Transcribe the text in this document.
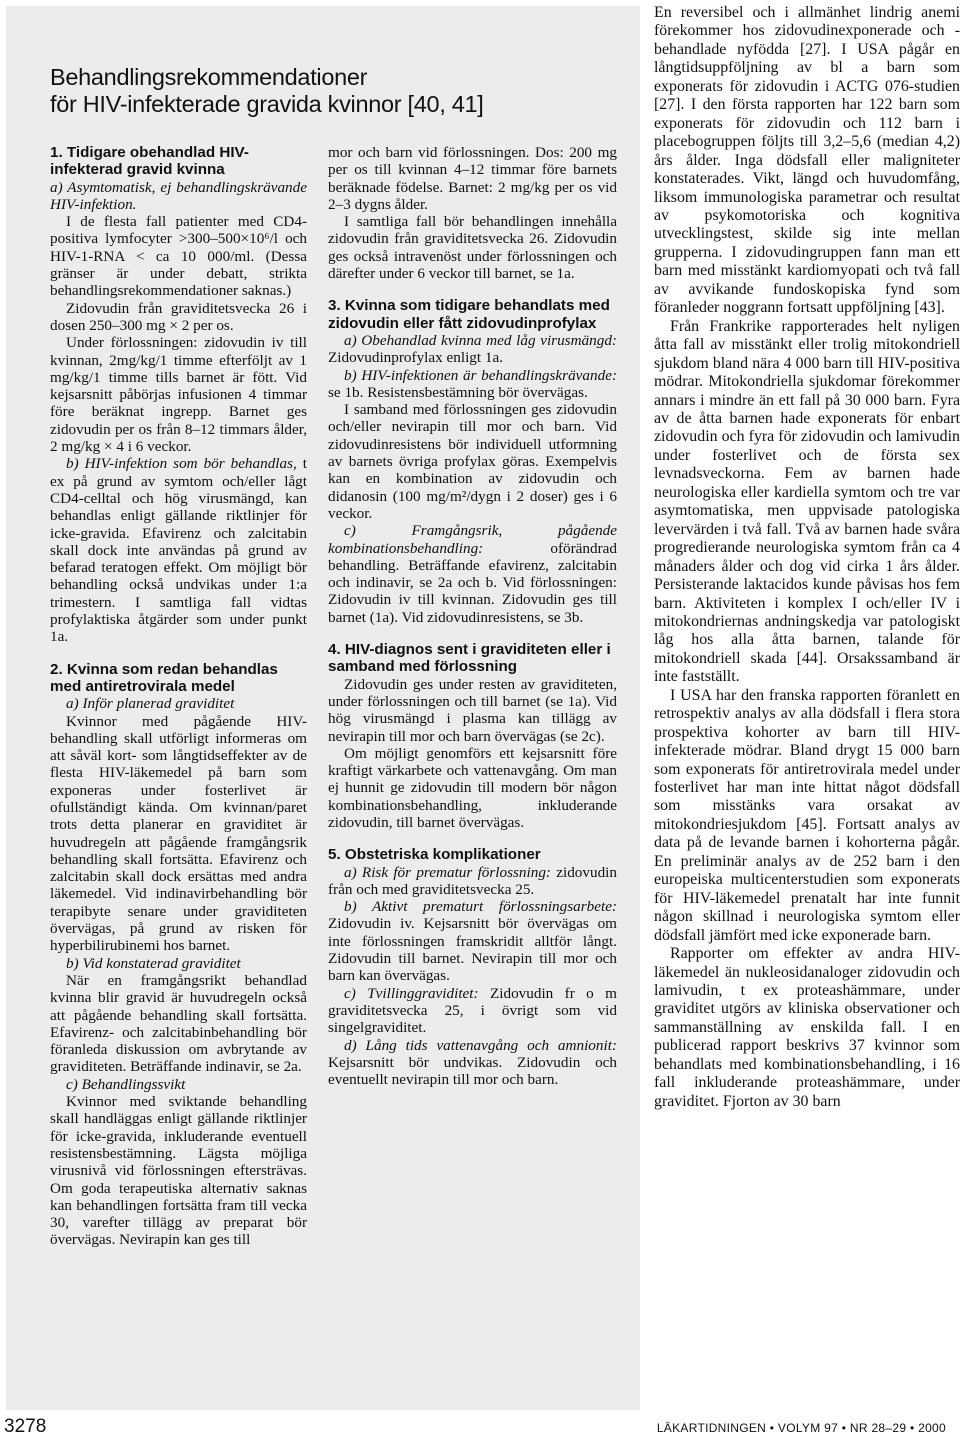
Behandlingsrekommendationer
för HIV-infekterade gravida kvinnor [40, 41]
1. Tidigare obehandlad HIV-infekterad gravid kvinna

a) Asymtomatisk, ej behandlingskrävande HIV-infektion.

I de flesta fall patienter med CD4-positiva lymfocyter >300–500×10⁶/l och HIV-1-RNA < ca 10 000/ml. (Dessa gränser är under debatt, strikta behandlingsrekommendationer saknas.)

Zidovudin från graviditetsvecka 26 i dosen 250–300 mg × 2 per os.

Under förlossningen: zidovudin iv till kvinnan, 2mg/kg/1 timme efterföljt av 1 mg/kg/1 timme tills barnet är fött. Vid kejsarsnitt påbörjas infusionen 4 timmar före beräknat ingrepp. Barnet ges zidovudin per os från 8–12 timmars ålder, 2 mg/kg × 4 i 6 veckor.

b) HIV-infektion som bör behandlas, t ex på grund av symtom och/eller lågt CD4-celltal och hög virusmängd, kan behandlas enligt gällande riktlinjer för icke-gravida. Efavirenz och zalcitabin skall dock inte användas på grund av befarad teratogen effekt. Om möjligt bör behandling också undvikas under 1:a trimestern. I samtliga fall vidtas profylaktiska åtgärder som under punkt 1a.

2. Kvinna som redan behandlas med antiretrovirala medel

a) Inför planerad graviditet

Kvinnor med pågående HIV-behandling skall utförligt informeras om att såväl kort- som långtidseffekter av de flesta HIV-läkemedel på barn som exponeras under fosterlivet är ofullständigt kända. Om kvinnan/paret trots detta planerar en graviditet är huvudregeln att pågående framgångsrik behandling skall fortsätta. Efavirenz och zalcitabin skall dock ersättas med andra läkemedel. Vid indinavirbehandling bör terapibyte senare under graviditeten övervägas, på grund av risken för hyperbilirubinemi hos barnet.

b) Vid konstaterad graviditet

När en framgångsrikt behandlad kvinna blir gravid är huvudregeln också att pågående behandling skall fortsätta. Efavirenz- och zalcitabinbehandling bör föranleda diskussion om avbrytande av graviditeten. Beträffande indinavir, se 2a.

c) Behandlingssvikt

Kvinnor med sviktande behandling skall handläggas enligt gällande riktlinjer för icke-gravida, inkluderande eventuell resistensbestämning. Lägsta möjliga virusnivå vid förlossningen eftersträvas. Om goda terapeutiska alternativ saknas kan behandlingen fortsätta fram till vecka 30, varefter tillägg av preparat bör övervägas. Nevirapin kan ges till

mor och barn vid förlossningen. Dos: 200 mg per os till kvinnan 4–12 timmar före barnets beräknade födelse. Barnet: 2 mg/kg per os vid 2–3 dygns ålder.

I samtliga fall bör behandlingen innehålla zidovudin från graviditetsvecka 26. Zidovudin ges också intravenöst under förlossningen och därefter under 6 veckor till barnet, se 1a.

3. Kvinna som tidigare behandlats med zidovudin eller fått zidovudinprofylax

a) Obehandlad kvinna med låg virusmängd: Zidovudinprofylax enligt 1a.

b) HIV-infektionen är behandlingskrävande: se 1b. Resistensbestämning bör övervägas.

I samband med förlossningen ges zidovudin och/eller nevirapin till mor och barn. Vid zidovudinresistens bör individuell utformning av barnets övriga profylax göras. Exempelvis kan en kombination av zidovudin och didanosin (100 mg/m²/dygn i 2 doser) ges i 6 veckor.

c) Framgångsrik, pågående kombinationsbehandling: oförändrad behandling. Beträffande efavirenz, zalcitabin och indinavir, se 2a och b. Vid förlossningen: Zidovudin iv till kvinnan. Zidovudin ges till barnet (1a). Vid zidovudinresistens, se 3b.

4. HIV-diagnos sent i graviditeten eller i samband med förlossning

Zidovudin ges under resten av graviditeten, under förlossningen och till barnet (se 1a). Vid hög virusmängd i plasma kan tillägg av nevirapin till mor och barn övervägas (se 2c).

Om möjligt genomförs ett kejsarsnitt före kraftigt värkarbete och vattenavgång. Om man ej hunnit ge zidovudin till modern bör någon kombinationsbehandling, inkluderande zidovudin, till barnet övervägas.

5. Obstetriska komplikationer

a) Risk för prematur förlossning: zidovudin från och med graviditetsvecka 25.

b) Aktivt prematurt förlossningsarbete: Zidovudin iv. Kejsarsnitt bör övervägas om inte förlossningen framskridit alltför långt. Zidovudin till barnet. Nevirapin till mor och barn kan övervägas.

c) Tvillinggraviditet: Zidovudin fr o m graviditetsvecka 25, i övrigt som vid singelgraviditet.

d) Lång tids vattenavgång och amnionit: Kejsarsnitt bör undvikas. Zidovudin och eventuellt nevirapin till mor och barn.

En reversibel och i allmänhet lindrig anemi förekommer hos zidovudinexponerade och -behandlade nyfödda [27]. I USA pågår en långtidsuppföljning av bl a barn som exponerats för zidovudin i ACTG 076-studien [27]. I den första rapporten har 122 barn som exponerats för zidovudin och 112 barn i placebogruppen följts till 3,2–5,6 (median 4,2) års ålder. Inga dödsfall eller maligniteter konstaterades. Vikt, längd och huvudomfång, liksom immunologiska parametrar och resultat av psykomotoriska och kognitiva utvecklingstest, skilde sig inte mellan grupperna. I zidovudingruppen fann man ett barn med misstänkt kardiomyopati och två fall av avvikande fundoskopiska fynd som föranleder noggrann fortsatt uppföljning [43].

Från Frankrike rapporterades helt nyligen åtta fall av misstänkt eller trolig mitokondriell sjukdom bland nära 4 000 barn till HIV-positiva mödrar. Mitokondriella sjukdomar förekommer annars i mindre än ett fall på 30 000 barn. Fyra av de åtta barnen hade exponerats för enbart zidovudin och fyra för zidovudin och lamivudin under fosterlivet och de första sex levnadsveckorna. Fem av barnen hade neurologiska eller kardiella symtom och tre var asymtomatiska, men uppvisade patologiska levervärden i två fall. Två av barnen hade svåra progredierande neurologiska symtom från ca 4 månaders ålder och dog vid cirka 1 års ålder. Persisterande laktacidos kunde påvisas hos fem barn. Aktiviteten i komplex I och/eller IV i mitokondriernas andningskedja var patologiskt låg hos alla åtta barnen, talande för mitokondriell skada [44]. Orsakssamband är inte fastställt.

I USA har den franska rapporten föranlett en retrospektiv analys av alla dödsfall i flera stora prospektiva kohorter av barn till HIV-infekterade mödrar. Bland drygt 15 000 barn som exponerats för antiretrovirala medel under fosterlivet har man inte hittat något dödsfall som misstänks vara orsakat av mitokondriesjukdom [45]. Fortsatt analys av data på de levande barnen i kohorterna pågår. En preliminär analys av de 252 barn i den europeiska multicenterstudien som exponerats för HIV-läkemedel prenatalt har inte funnit någon skillnad i neurologiska symtom eller dödsfall jämfört med icke exponerade barn.

Rapporter om effekter av andra HIV-läkemedel än nukleosidanaloger zidovudin och lamivudin, t ex proteashämmare, under graviditet utgörs av kliniska observationer och sammanställning av enskilda fall. I en publicerad rapport beskrivs 37 kvinnor som behandlats med kombinationsbehandling, i 16 fall inkluderande proteashämmare, under graviditet. Fjorton av 30 barn

3278	LÄKARTIDNINGEN • VOLYM 97 • NR 28–29 • 2000
